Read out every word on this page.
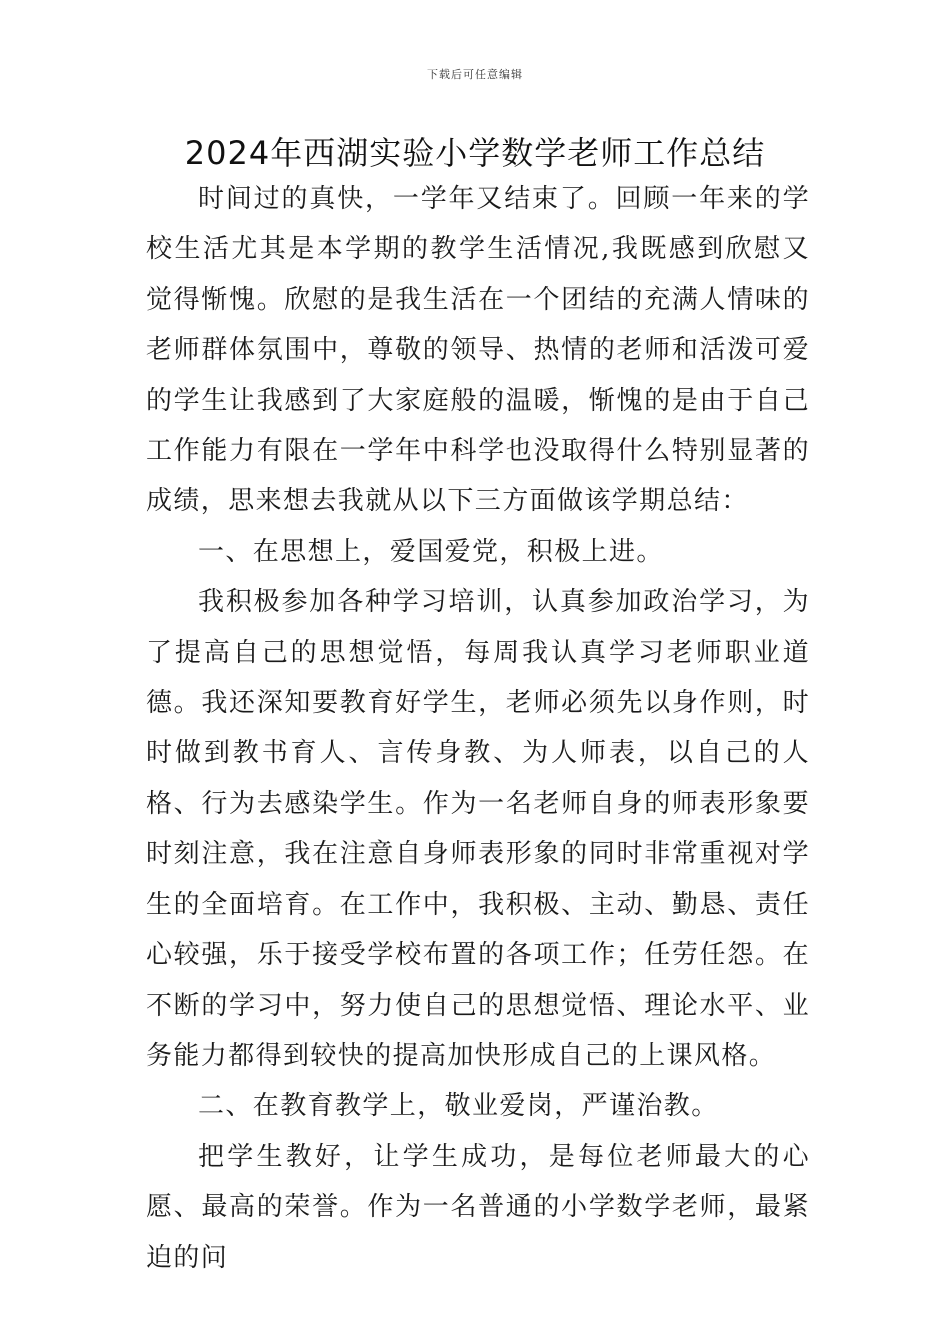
下载后可任意编辑
2024年西湖实验小学数学老师工作总结

时间过的真快，一学年又结束了。回顾一年来的学校生活尤其是本学期的教学生活情况,我既感到欣慰又觉得惭愧。欣慰的是我生活在一个团结的充满人情味的老师群体氛围中，尊敬的领导、热情的老师和活泼可爱的学生让我感到了大家庭般的温暖，惭愧的是由于自己工作能力有限在一学年中科学也没取得什么特别显著的成绩，思来想去我就从以下三方面做该学期总结：

一、在思想上，爱国爱党，积极上进。

我积极参加各种学习培训，认真参加政治学习，为了提高自己的思想觉悟，每周我认真学习老师职业道德。我还深知要教育好学生，老师必须先以身作则，时时做到教书育人、言传身教、为人师表，以自己的人格、行为去感染学生。作为一名老师自身的师表形象要时刻注意，我在注意自身师表形象的同时非常重视对学生的全面培育。在工作中，我积极、主动、勤恳、责任心较强，乐于接受学校布置的各项工作；任劳任怨。在不断的学习中，努力使自己的思想觉悟、理论水平、业务能力都得到较快的提高加快形成自己的上课风格。

二、在教育教学上，敬业爱岗，严谨治教。

把学生教好，让学生成功，是每位老师最大的心愿、最高的荣誉。作为一名普通的小学数学老师，最紧迫的问
